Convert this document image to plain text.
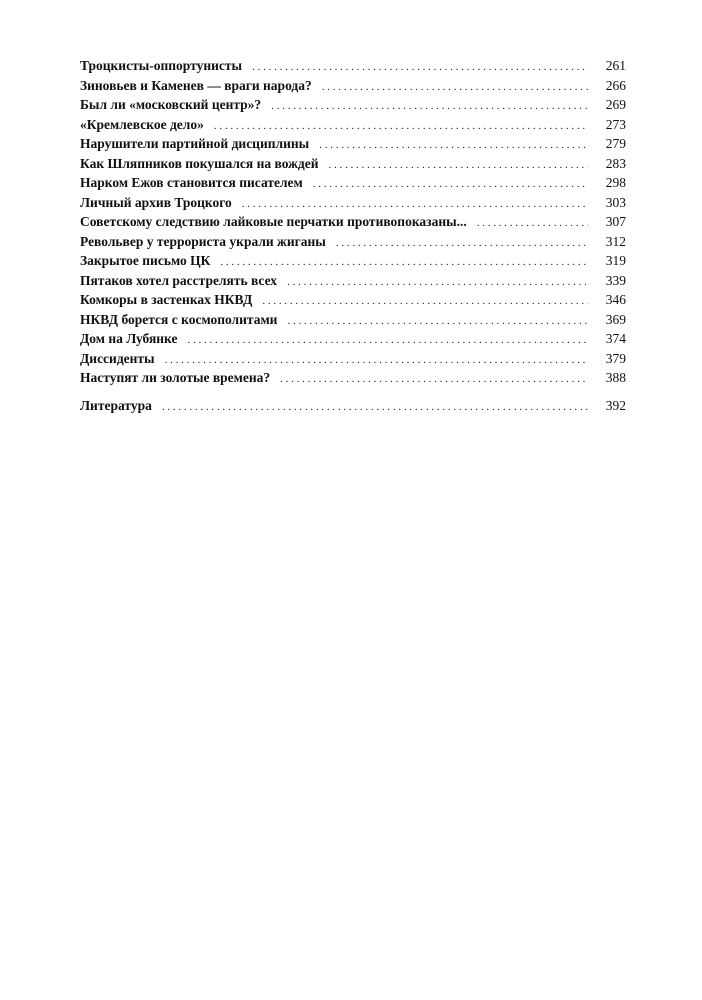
Троцкисты-оппортунисты . . .	261
Зиновьев и Каменев — враги народа? . . .	266
Был ли «московский центр»? . . .	269
«Кремлевское дело» . . .	273
Нарушители партийной дисциплины . . .	279
Как Шляпников покушался на вождей . . .	283
Нарком Ежов становится писателем . . .	298
Личный архив Троцкого . . .	303
Советскому следствию лайковые перчатки противопоказаны... . . .	307
Револьвер у террориста украли жиганы . . .	312
Закрытое письмо ЦК . . .	319
Пятаков хотел расстрелять всех . . .	339
Комкоры в застенках НКВД . . .	346
НКВД борется с космополитами . . .	369
Дом на Лубянке . . .	374
Диссиденты . . .	379
Наступят ли золотые времена? . . .	388
Литература . . .	392
